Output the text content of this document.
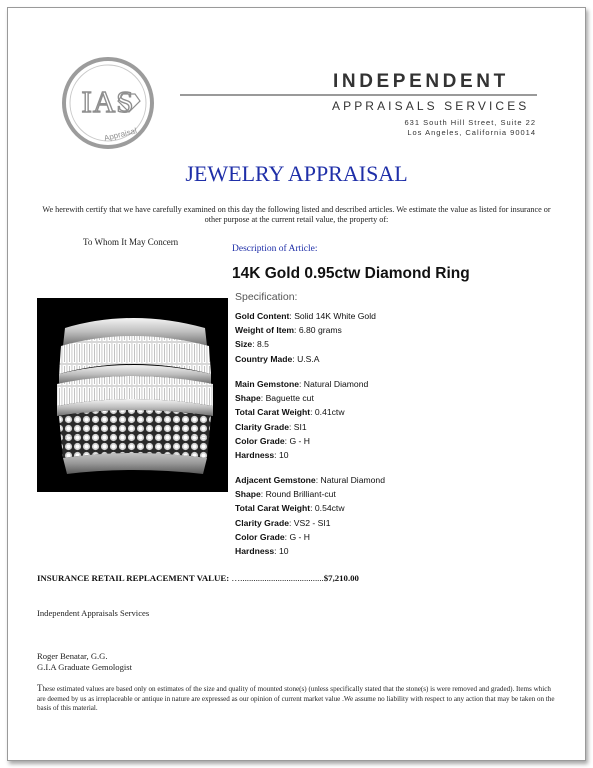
IAS
Appraisal
INDEPENDENT
APPRAISALS SERVICES
631 South Hill Street, Suite 22
Los Angeles, California 90014
JEWELRY APPRAISAL
We herewith certify that we have carefully examined on this day the following listed and described articles. We estimate the value as listed for insurance or other purpose at the current retail value, the property of:
To Whom It May Concern
Description of Article:
14K Gold 0.95ctw Diamond Ring
Specification:
Gold Content: Solid 14K White Gold
Weight of Item: 6.80 grams
Size: 8.5
Country Made: U.S.A
Main Gemstone: Natural Diamond
Shape: Baguette cut
Total Carat Weight: 0.41ctw
Clarity Grade: SI1
Color Grade: G - H
Hardness: 10
Adjacent Gemstone: Natural Diamond
Shape: Round Brilliant-cut
Total Carat Weight: 0.54ctw
Clarity Grade: VS2 - SI1
Color Grade: G - H
Hardness: 10
INSURANCE RETAIL REPLACEMENT VALUE: …......................................$7,210.00
Independent Appraisals Services
Roger Benatar, G.G.
G.I.A Graduate Gemologist
These estimated values are based only on estimates of the size and quality of mounted stone(s) (unless specifically stated that the stone(s) is were removed and graded). Items which are deemed by us as irreplaceable or antique in nature are expressed as our opinion of current market value .We assume no liability with respect to any action that may be taken on the basis of this material.
